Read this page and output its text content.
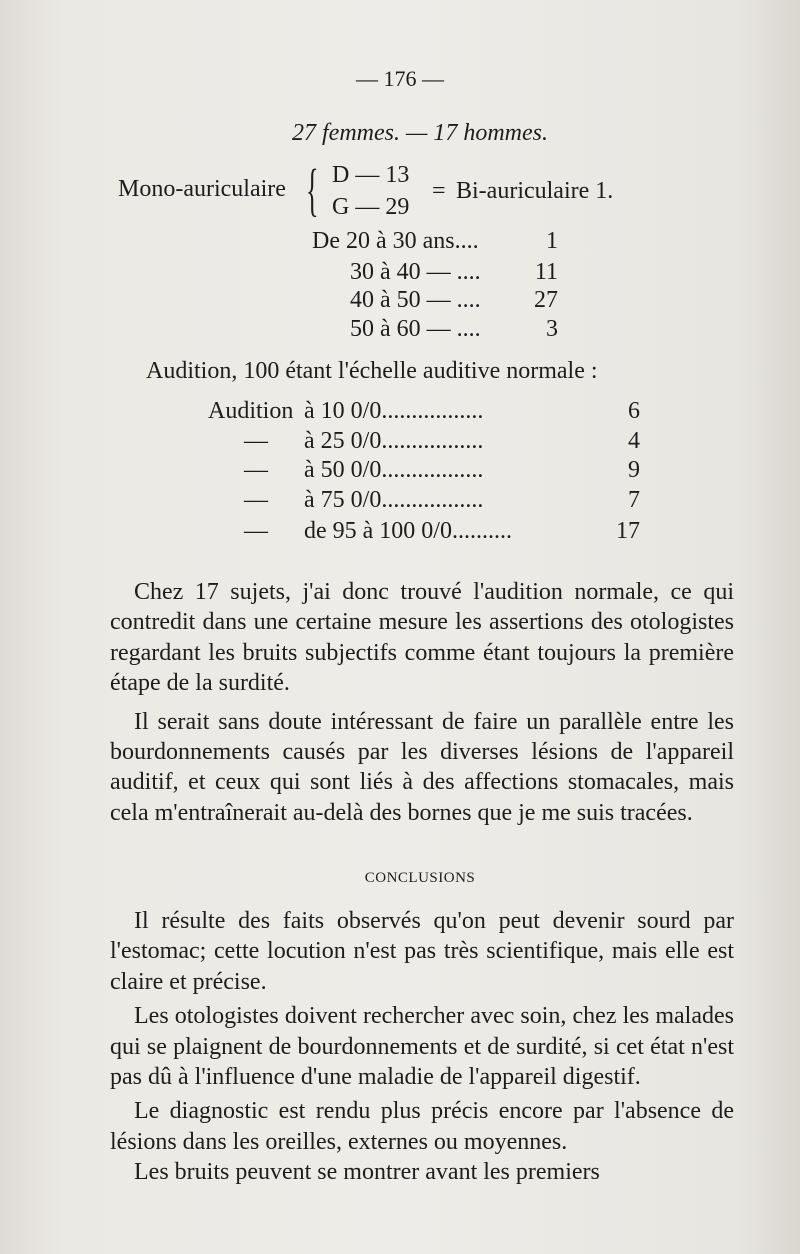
— 176 —
27 femmes. — 17 hommes.
Mono-auriculaire { D — 13
G — 29
= Bi-auriculaire 1.
De 20 à 30 ans....	1
30 à 40 — .... 11
40 à 50 — .... 27
50 à 60 — ....	3
Audition, 100 étant l'échelle auditive normale :
Audition à 10 0/0.................	6
— à 25 0/0.................	4
— à 50 0/0.................	9
— à 75 0/0.................	7
— de 95 à 100 0/0..........	17

Chez 17 sujets, j'ai donc trouvé l'audition normale, ce qui contredit dans une certaine mesure les assertions des otologistes regardant les bruits subjectifs comme étant toujours la première étape de la surdité.

Il serait sans doute intéressant de faire un parallèle entre les bourdonnements causés par les diverses lésions de l'appareil auditif, et ceux qui sont liés à des affections stomacales, mais cela m'entraînerait au-delà des bornes que je me suis tracées.

CONCLUSIONS

Il résulte des faits observés qu'on peut devenir sourd par l'estomac; cette locution n'est pas très scientifique, mais elle est claire et précise.

Les otologistes doivent rechercher avec soin, chez les malades qui se plaignent de bourdonnements et de surdité, si cet état n'est pas dû à l'influence d'une maladie de l'appareil digestif.

Le diagnostic est rendu plus précis encore par l'absence de lésions dans les oreilles, externes ou moyennes.

Les bruits peuvent se montrer avant les premiers
